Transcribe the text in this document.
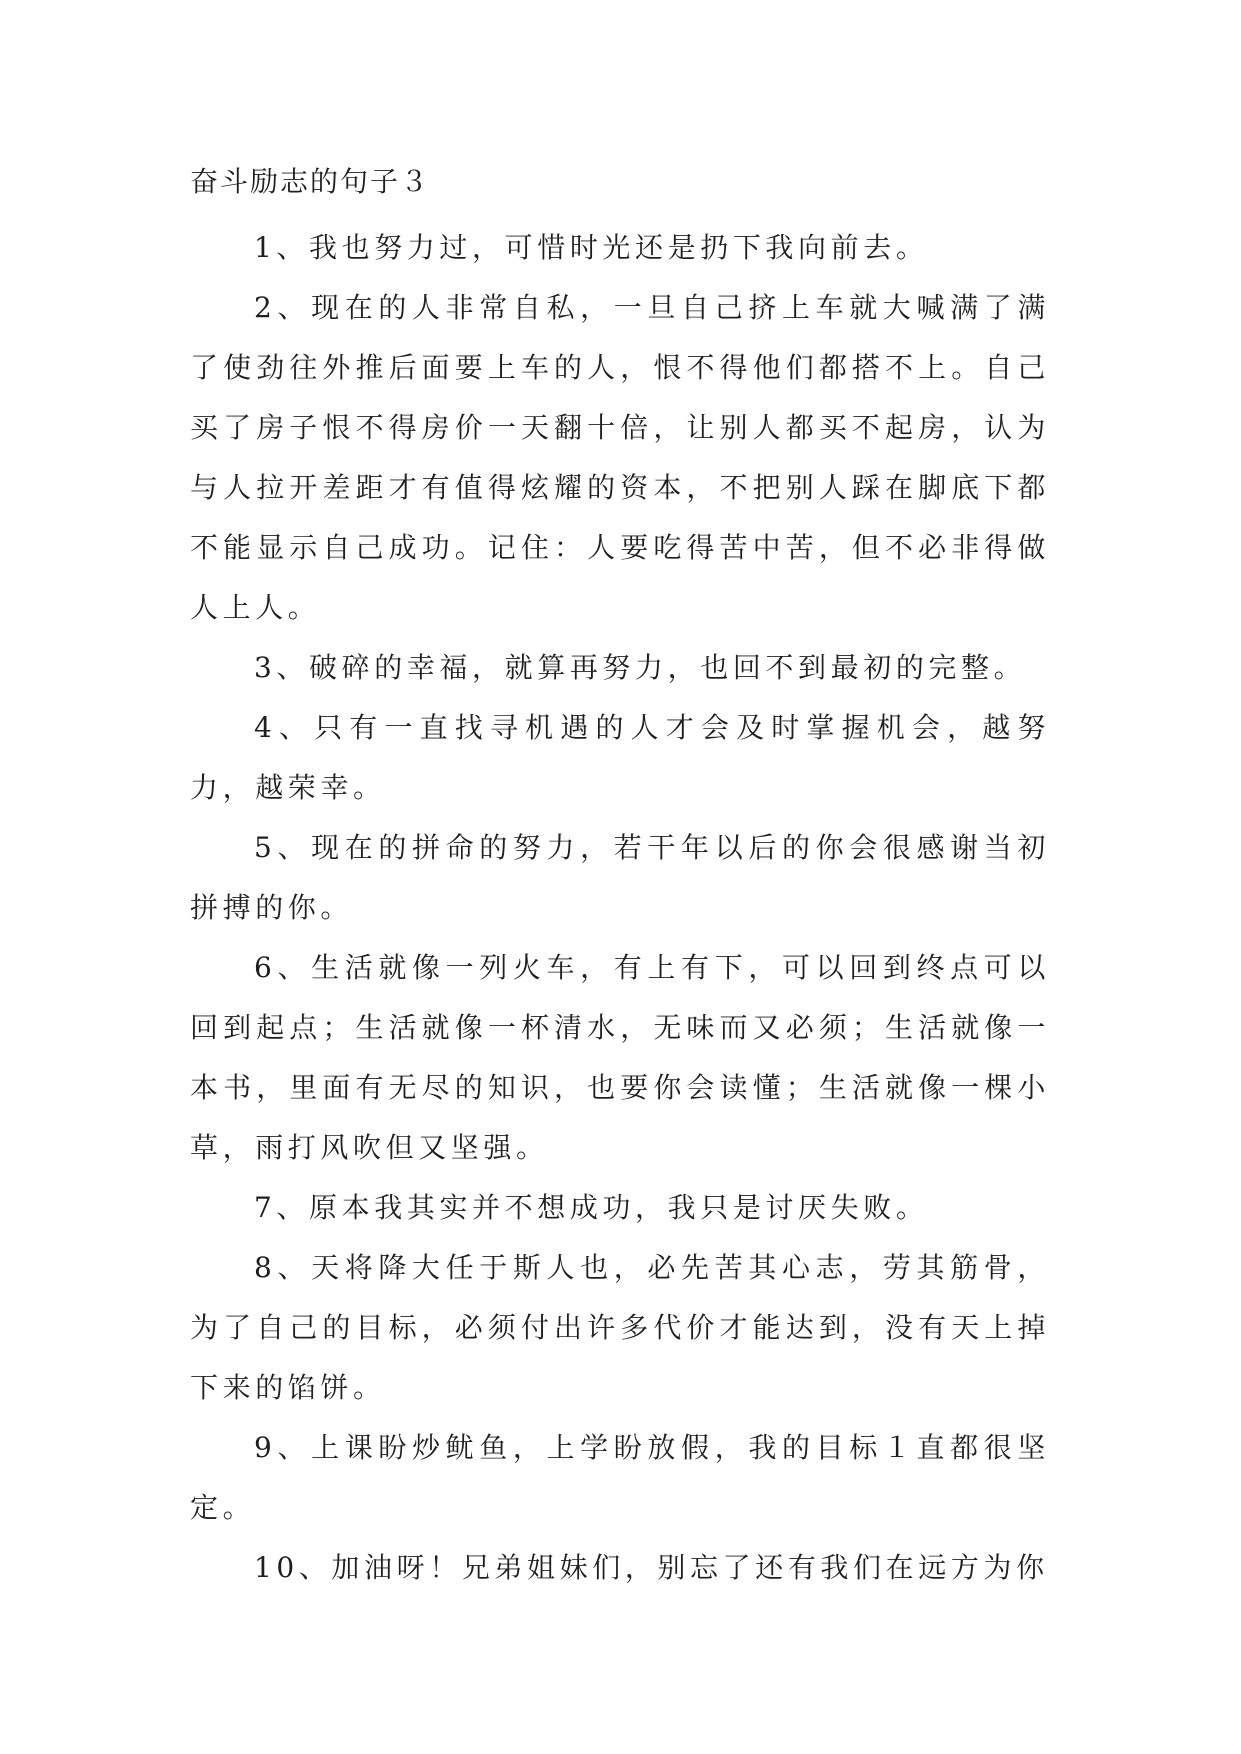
奋斗励志的句子３

1、我也努力过，可惜时光还是扔下我向前去。

2、现在的人非常自私，一旦自己挤上车就大喊满了满了使劲往外推后面要上车的人，恨不得他们都搭不上。自己买了房子恨不得房价一天翻十倍，让别人都买不起房，认为与人拉开差距才有值得炫耀的资本，不把别人踩在脚底下都不能显示自己成功。记住：人要吃得苦中苦，但不必非得做人上人。

3、破碎的幸福，就算再努力，也回不到最初的完整。

4、只有一直找寻机遇的人才会及时掌握机会，越努力，越荣幸。

5、现在的拼命的努力，若干年以后的你会很感谢当初拼搏的你。

6、生活就像一列火车，有上有下，可以回到终点可以回到起点；生活就像一杯清水，无味而又必须；生活就像一本书，里面有无尽的知识，也要你会读懂；生活就像一棵小草，雨打风吹但又坚强。

7、原本我其实并不想成功，我只是讨厌失败。

8、天将降大任于斯人也，必先苦其心志，劳其筋骨，为了自己的目标，必须付出许多代价才能达到，没有天上掉下来的馅饼。

9、上课盼炒鱿鱼，上学盼放假，我的目标１直都很坚定。

10、加油呀！兄弟姐妹们，别忘了还有我们在远方为你
